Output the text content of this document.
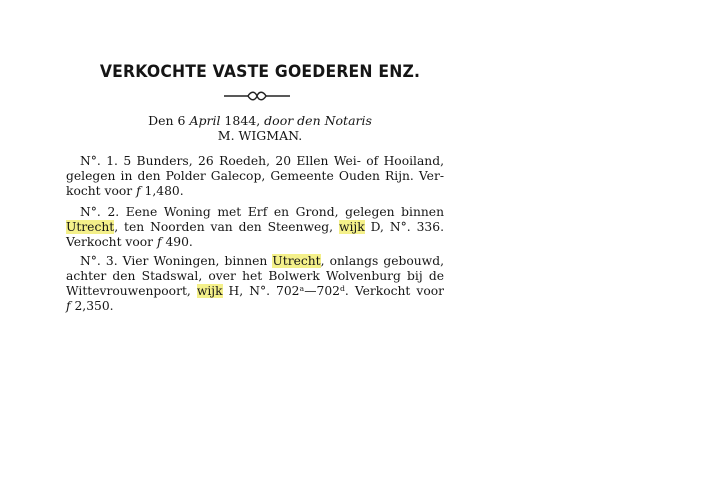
VERKOCHTE VASTE GOEDEREN ENZ.
Den 6 April 1844, door den Notaris
M. WIGMAN.
N°. 1. 5 Bunders, 26 Roedeh, 20 Ellen Wei- of Hooiland,
gelegen in den Polder Galecop, Gemeente Ouden Rijn. Ver-
kocht voor f 1,480.
N°. 2. Eene Woning met Erf en Grond, gelegen binnen
Utrecht, ten Noorden van den Steenweg, wijk D, N°. 336.
Verkocht voor f 490.
N°. 3. Vier Woningen, binnen Utrecht, onlangs gebouwd,
achter den Stadswal, over het Bolwerk Wolvenburg bij de
Wittevrouwenpoort, wijk H, N°. 702ᵃ—702ᵈ. Verkocht voor
f 2,350.
